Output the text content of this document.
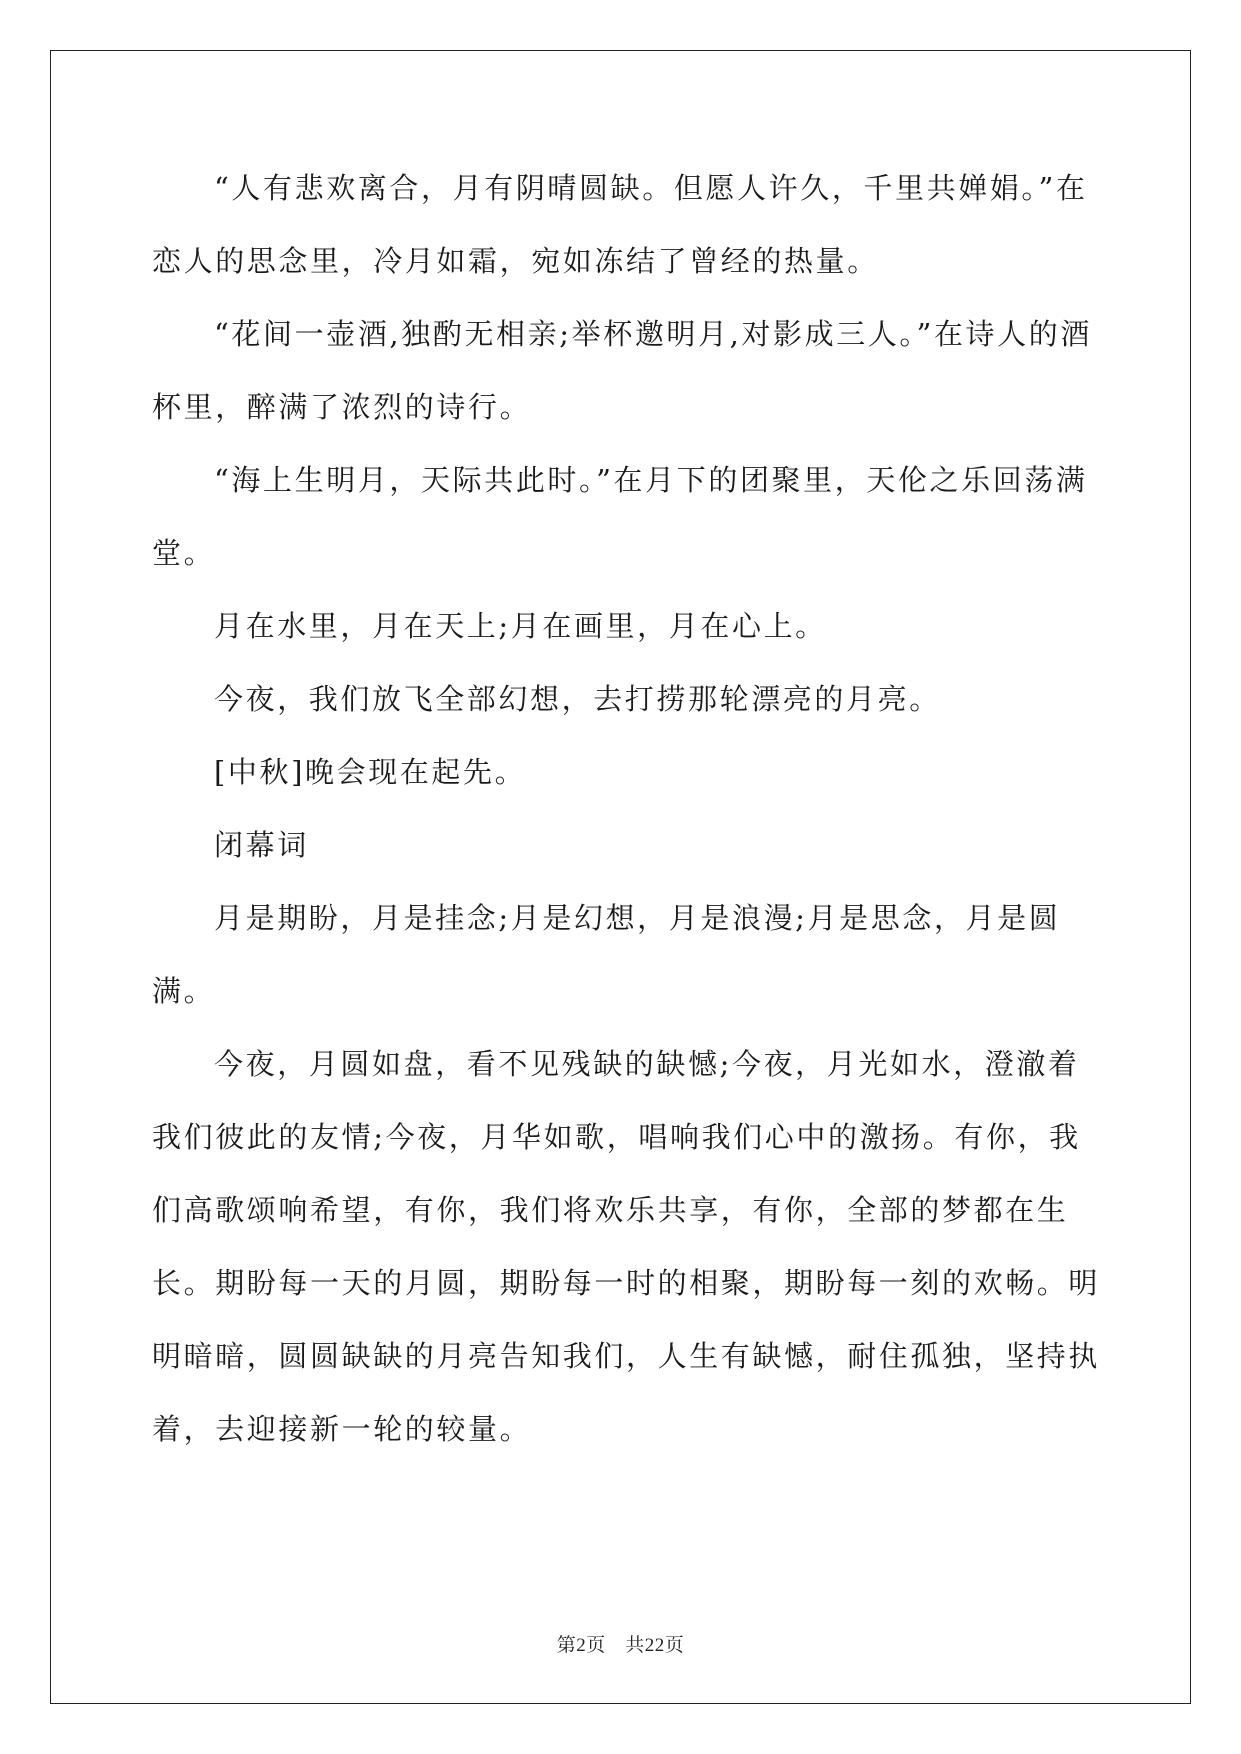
“人有悲欢离合，月有阴晴圆缺。但愿人许久，千里共婵娟。”在恋人的思念里，冷月如霜，宛如冻结了曾经的热量。

“花间一壶酒,独酌无相亲;举杯邀明月,对影成三人。”在诗人的酒杯里，醉满了浓烈的诗行。

“海上生明月，天际共此时。”在月下的团聚里，天伦之乐回荡满堂。

月在水里，月在天上;月在画里，月在心上。

今夜，我们放飞全部幻想，去打捞那轮漂亮的月亮。

[中秋]晚会现在起先。

闭幕词

月是期盼，月是挂念;月是幻想，月是浪漫;月是思念，月是圆满。

今夜，月圆如盘，看不见残缺的缺憾;今夜，月光如水，澄澈着我们彼此的友情;今夜，月华如歌，唱响我们心中的激扬。有你，我们高歌颂响希望，有你，我们将欢乐共享，有你，全部的梦都在生长。期盼每一天的月圆，期盼每一时的相聚，期盼每一刻的欢畅。明明暗暗，圆圆缺缺的月亮告知我们，人生有缺憾，耐住孤独，坚持执着，去迎接新一轮的较量。

第2页　共22页
